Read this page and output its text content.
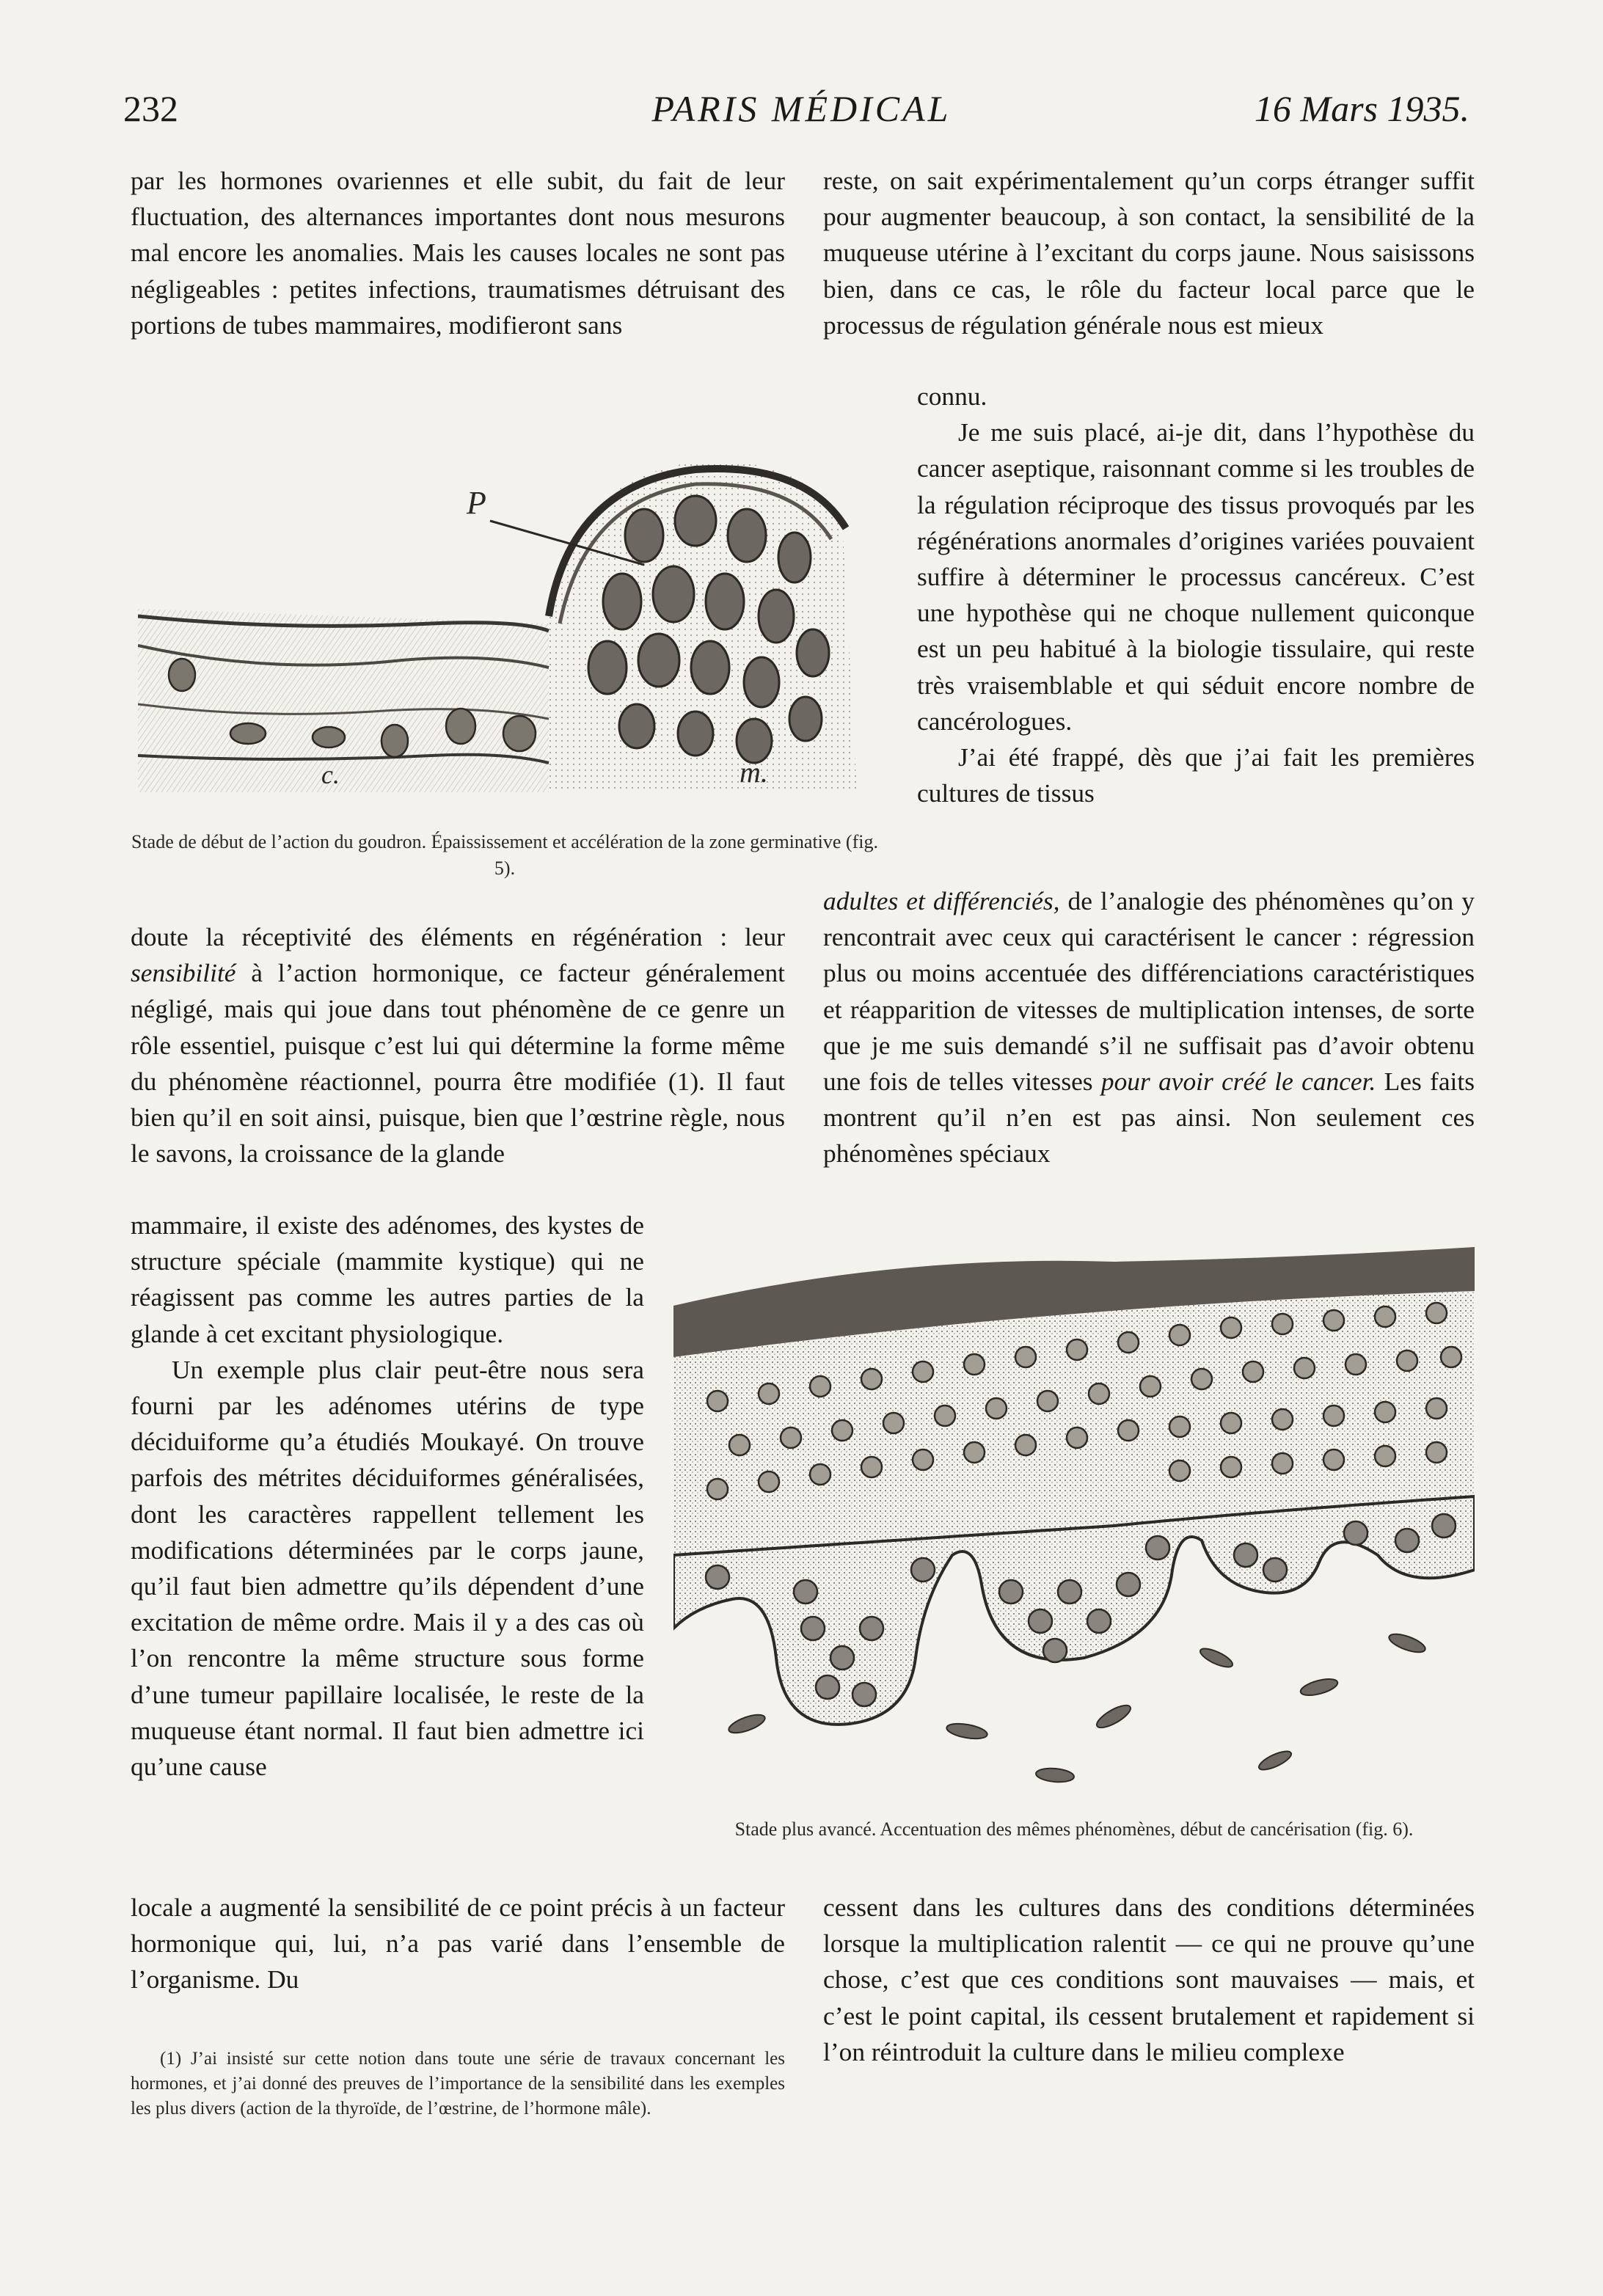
232	PARIS MÉDICAL	16 Mars 1935.

par les hormones ovariennes et elle subit, du fait de leur fluctuation, des alternances importantes dont nous mesurons mal encore les anomalies. Mais les causes locales ne sont pas négligeables : petites infections, traumatismes détruisant des portions de tubes mammaires, modifieront sans

reste, on sait expérimentalement qu’un corps étranger suffit pour augmenter beaucoup, à son contact, la sensibilité de la muqueuse utérine à l’excitant du corps jaune. Nous saisissons bien, dans ce cas, le rôle du facteur local parce que le processus de régulation générale nous est mieux

connu.

Je me suis placé, ai-je dit, dans l’hypothèse du cancer aseptique, raisonnant comme si les troubles de la régulation réciproque des tissus provoqués par les régénérations anormales d’origines variées pouvaient suffire à déterminer le processus cancéreux. C’est une hypothèse qui ne choque nullement quiconque est un peu habitué à la biologie tissulaire, qui reste très vraisemblable et qui séduit encore nombre de cancérologues.

J’ai été frappé, dès que j’ai fait les premières cultures de tissus

adultes et différenciés, de l’analogie des phénomènes qu’on y rencontrait avec ceux qui caractérisent le cancer : régression plus ou moins accentuée des différenciations caractéristiques et réapparition de vitesses de multiplication intenses, de sorte que je me suis demandé s’il ne suffisait pas d’avoir obtenu une fois de telles vitesses pour avoir créé le cancer. Les faits montrent qu’il n’en est pas ainsi. Non seulement ces phénomènes spéciaux

P
c.	m.
Stade de début de l’action du goudron. Épaississement et accélération de la zone germinative (fig. 5).

doute la réceptivité des éléments en régénération : leur sensibilité à l’action hormonique, ce facteur généralement négligé, mais qui joue dans tout phénomène de ce genre un rôle essentiel, puisque c’est lui qui détermine la forme même du phénomène réactionnel, pourra être modifiée (1). Il faut bien qu’il en soit ainsi, puisque, bien que l’œstrine règle, nous le savons, la croissance de la glande

mammaire, il existe des adénomes, des kystes de structure spéciale (mammite kystique) qui ne réagissent pas comme les autres parties de la glande à cet excitant physiologique.

Un exemple plus clair peut-être nous sera fourni par les adénomes utérins de type déciduiforme qu’a étudiés Moukayé. On trouve parfois des métrites déciduiformes généralisées, dont les caractères rappellent tellement les modifications déterminées par le corps jaune, qu’il faut bien admettre qu’ils dépendent d’une excitation de même ordre. Mais il y a des cas où l’on rencontre la même structure sous forme d’une tumeur papillaire localisée, le reste de la muqueuse étant normal. Il faut bien admettre ici qu’une cause

Stade plus avancé. Accentuation des mêmes phénomènes, début de cancérisation (fig. 6).

locale a augmenté la sensibilité de ce point précis à un facteur hormonique qui, lui, n’a pas varié dans l’ensemble de l’organisme. Du

cessent dans les cultures dans des conditions déterminées lorsque la multiplication ralentit — ce qui ne prouve qu’une chose, c’est que ces conditions sont mauvaises — mais, et c’est le point capital, ils cessent brutalement et rapidement si l’on réintroduit la culture dans le milieu complexe

(1) J’ai insisté sur cette notion dans toute une série de travaux concernant les hormones, et j’ai donné des preuves de l’importance de la sensibilité dans les exemples les plus divers (action de la thyroïde, de l’œstrine, de l’hormone mâle).
